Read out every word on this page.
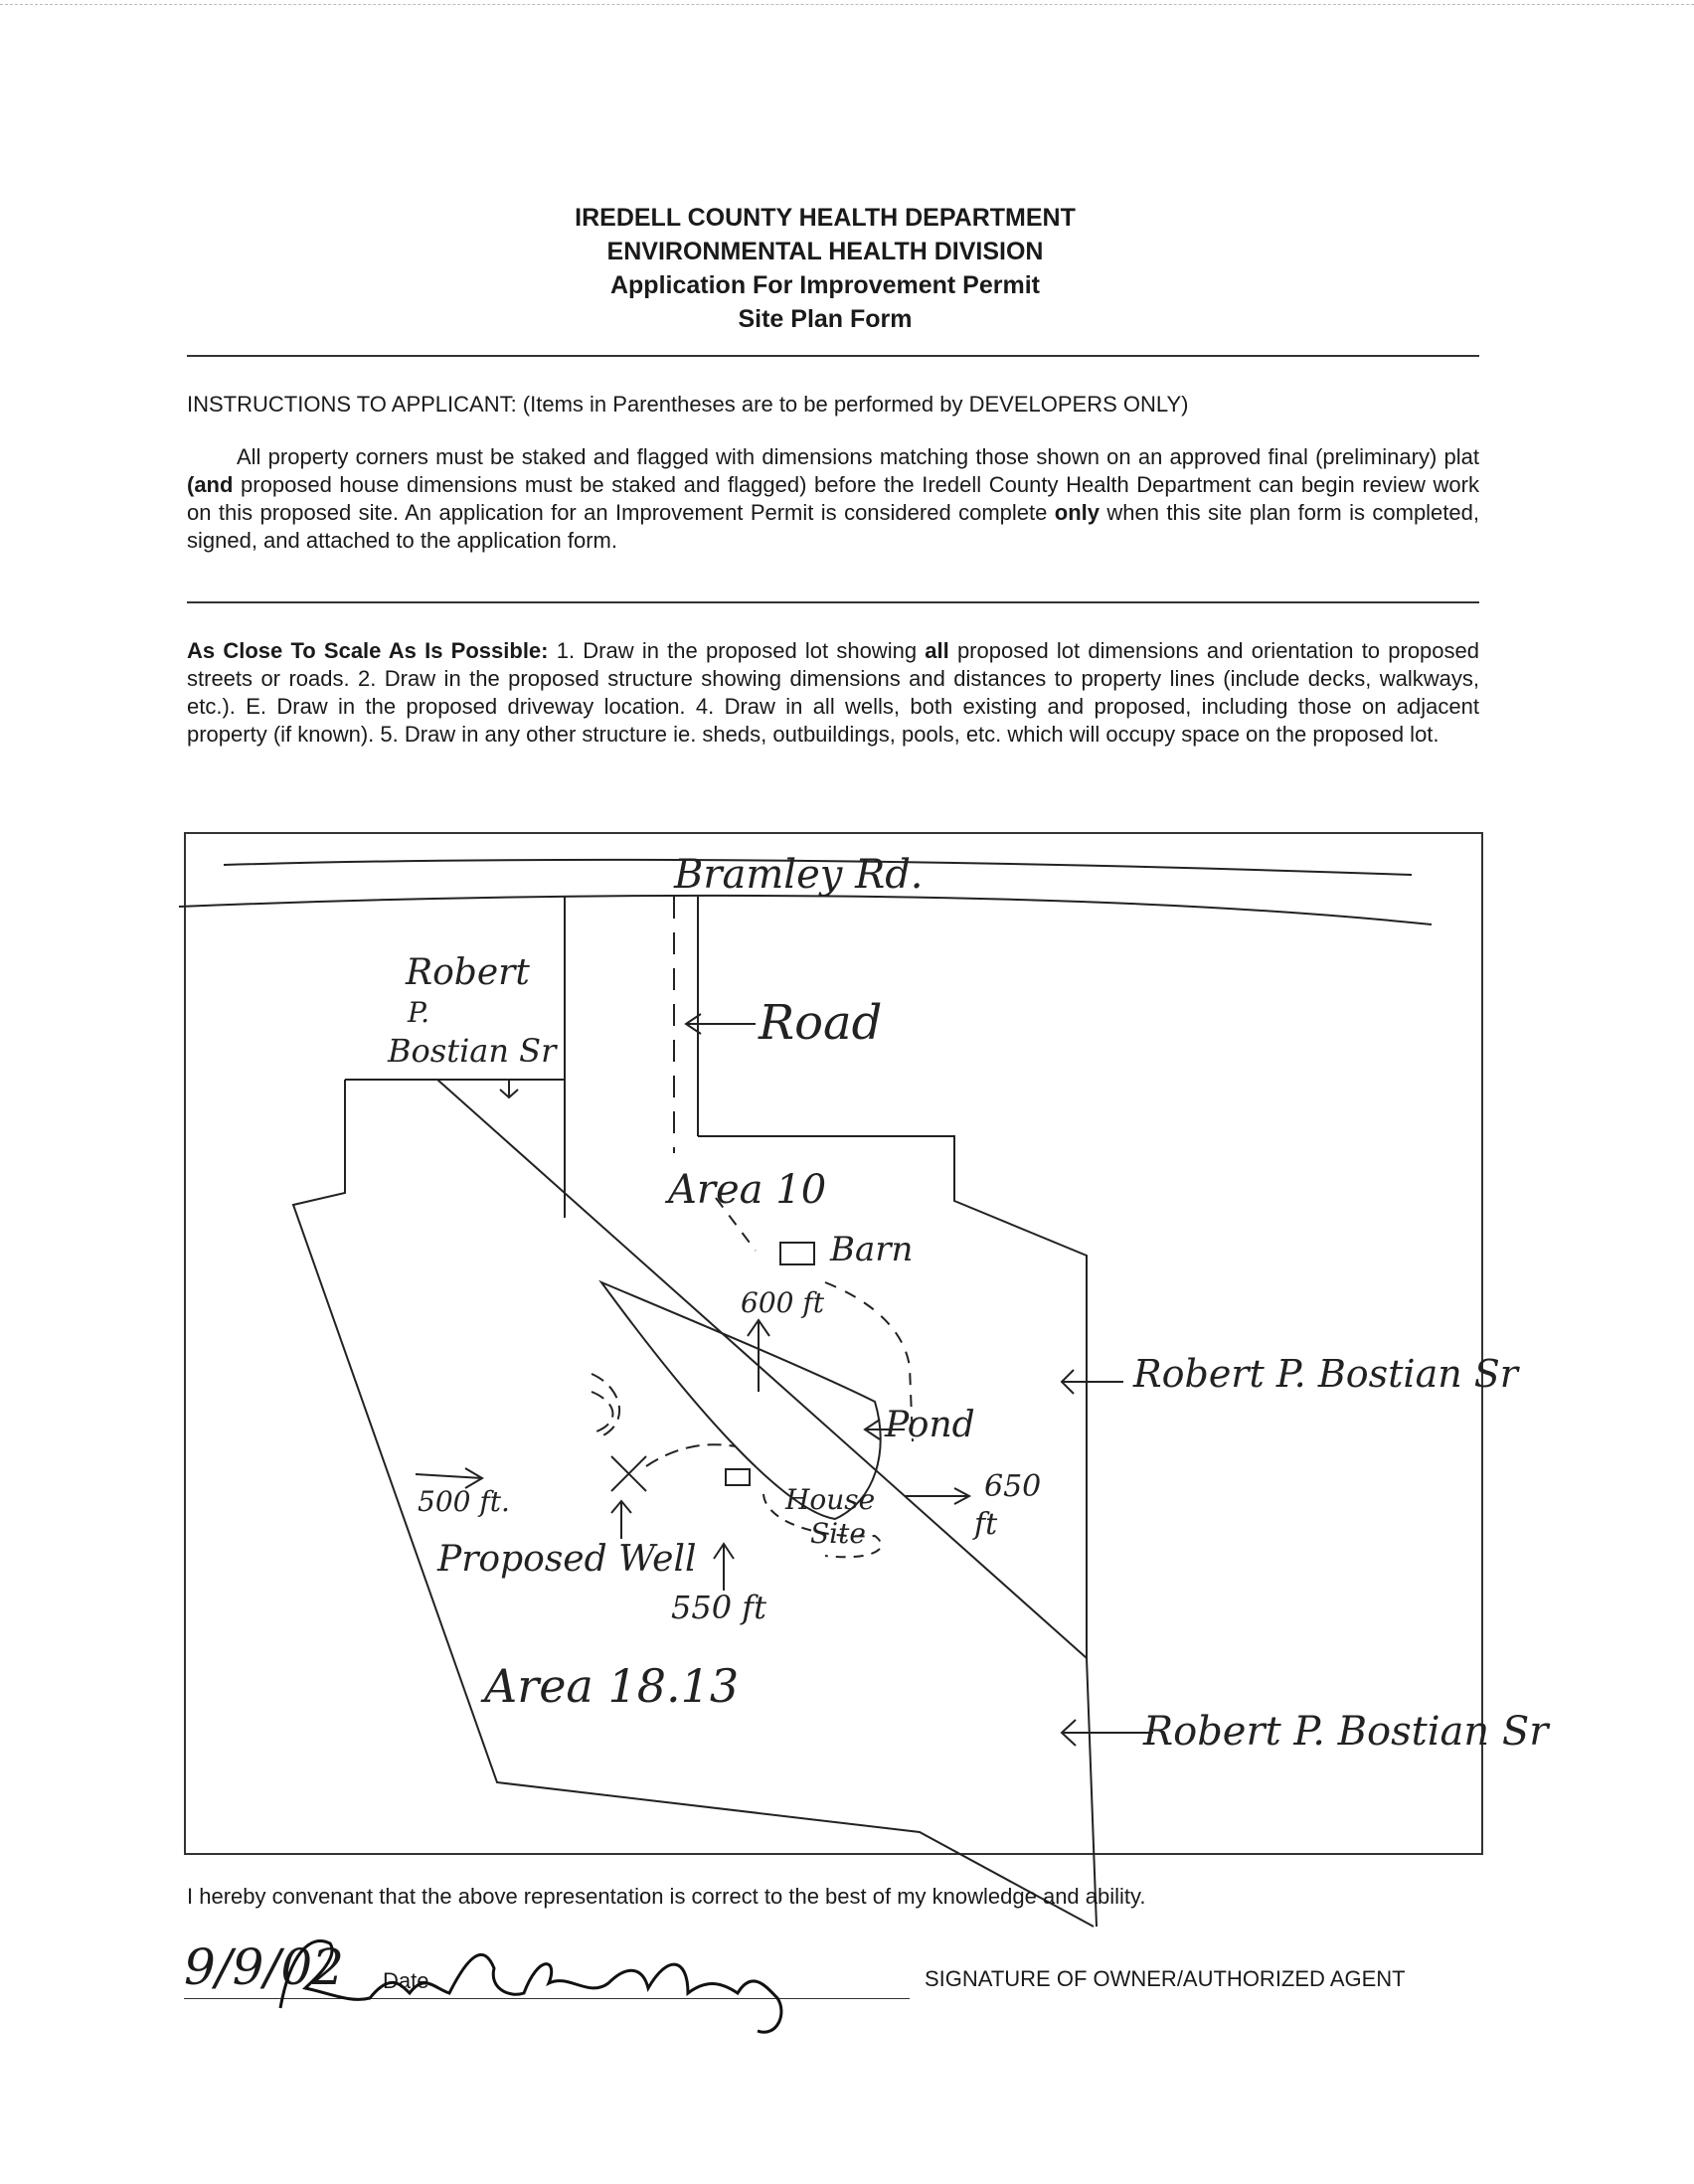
IREDELL COUNTY HEALTH DEPARTMENT
ENVIRONMENTAL HEALTH DIVISION
Application For Improvement Permit
Site Plan Form
INSTRUCTIONS TO APPLICANT: (Items in Parentheses are to be performed by DEVELOPERS ONLY)
All property corners must be staked and flagged with dimensions matching those shown on an approved final (preliminary) plat (and proposed house dimensions must be staked and flagged) before the Iredell County Health Department can begin review work on this proposed site. An application for an Improvement Permit is considered complete only when this site plan form is completed, signed, and attached to the application form.
As Close To Scale As Is Possible: 1. Draw in the proposed lot showing all proposed lot dimensions and orientation to proposed streets or roads. 2. Draw in the proposed structure showing dimensions and distances to property lines (include decks, walkways, etc.). E. Draw in the proposed driveway location. 4. Draw in all wells, both existing and proposed, including those on adjacent property (if known). 5. Draw in any other structure ie. sheds, outbuildings, pools, etc. which will occupy space on the proposed lot.
Bramley Rd.
Robert
P.
Bostian Sr	Road
Area 10
Barn
600 ft
Robert P. Bostian Sr
Pond
500 ft.	House
Site
650
ft
Proposed Well
550 ft
Area 18.13
Robert P. Bostian Sr
I hereby convenant that the above representation is correct to the best of my knowledge and ability.
9/9/02 Date	SIGNATURE OF OWNER/AUTHORIZED AGENT
